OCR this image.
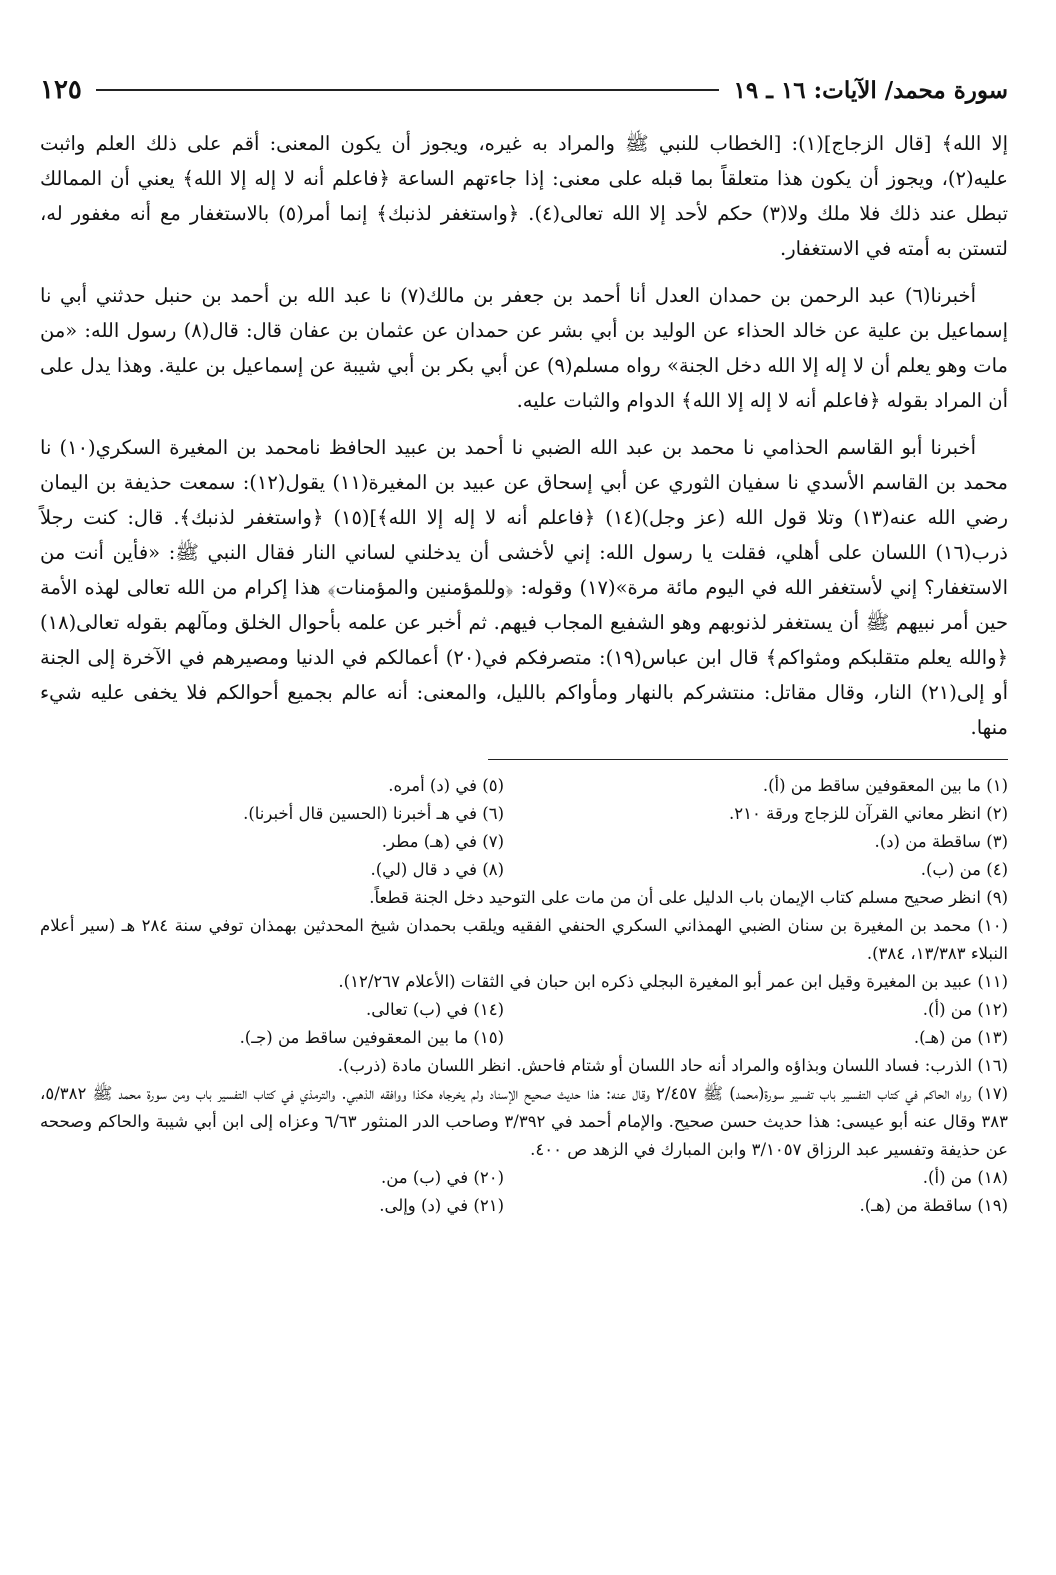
سورة محمد/ الآيات: ١٦ ـ ١٩
١٢٥

إلا الله﴾ [قال الزجاج](١): [الخطاب للنبي ﷺ والمراد به غيره، ويجوز أن يكون المعنى: أقم على ذلك العلم واثبت عليه(٢)، ويجوز أن يكون هذا متعلقاً بما قبله على معنى: إذا جاءتهم الساعة ﴿فاعلم أنه لا إله إلا الله﴾ يعني أن الممالك تبطل عند ذلك فلا ملك ولا(٣) حكم لأحد إلا الله تعالى(٤). ﴿واستغفر لذنبك﴾ إنما أمر(٥) بالاستغفار مع أنه مغفور له، لتستن به أمته في الاستغفار.

أخبرنا(٦) عبد الرحمن بن حمدان العدل أنا أحمد بن جعفر بن مالك(٧) نا عبد الله بن أحمد بن حنبل حدثني أبي نا إسماعيل بن علية عن خالد الحذاء عن الوليد بن أبي بشر عن حمدان عن عثمان بن عفان قال: قال(٨) رسول الله: «من مات وهو يعلم أن لا إله إلا الله دخل الجنة» رواه مسلم(٩) عن أبي بكر بن أبي شيبة عن إسماعيل بن علية. وهذا يدل على أن المراد بقوله ﴿فاعلم أنه لا إله إلا الله﴾ الدوام والثبات عليه.

أخبرنا أبو القاسم الحذامي نا محمد بن عبد الله الضبي نا أحمد بن عبيد الحافظ نامحمد بن المغيرة السكري(١٠) نا محمد بن القاسم الأسدي نا سفيان الثوري عن أبي إسحاق عن عبيد بن المغيرة(١١) يقول(١٢): سمعت حذيفة بن اليمان رضي الله عنه(١٣) وتلا قول الله (عز وجل)(١٤) ﴿فاعلم أنه لا إله إلا الله﴾](١٥) ﴿واستغفر لذنبك﴾. قال: كنت رجلاً ذرب(١٦) اللسان على أهلي، فقلت يا رسول الله: إني لأخشى أن يدخلني لساني النار فقال النبي ﷺ: «فأين أنت من الاستغفار؟ إني لأستغفر الله في اليوم مائة مرة»(١٧) وقوله: ﴿وللمؤمنين والمؤمنات﴾ هذا إكرام من الله تعالى لهذه الأمة حين أمر نبيهم ﷺ أن يستغفر لذنوبهم وهو الشفيع المجاب فيهم. ثم أخبر عن علمه بأحوال الخلق ومآلهم بقوله تعالى(١٨) ﴿والله يعلم متقلبكم ومثواكم﴾ قال ابن عباس(١٩): متصرفكم في(٢٠) أعمالكم في الدنيا ومصيرهم في الآخرة إلى الجنة أو إلى(٢١) النار، وقال مقاتل: منتشركم بالنهار ومأواكم بالليل، والمعنى: أنه عالم بجميع أحوالكم فلا يخفى عليه شيء منها.

(١) ما بين المعقوفين ساقط من (أ).
(٥) في (د) أمره.
(٢) انظر معاني القرآن للزجاج ورقة ٢١٠.
(٦) في هـ أخبرنا (الحسين قال أخبرنا).
(٣) ساقطة من (د).
(٧) في (هـ) مطر.
(٤) من (ب).
(٨) في د قال (لي).
(٩) انظر صحيح مسلم كتاب الإيمان باب الدليل على أن من مات على التوحيد دخل الجنة قطعاً.
(١٠) محمد بن المغيرة بن سنان الضبي الهمذاني السكري الحنفي الفقيه ويلقب بحمدان شيخ المحدثين بهمذان توفي سنة ٢٨٤ هـ (سير أعلام النبلاء ١٣/٣٨٣، ٣٨٤).
(١١) عبيد بن المغيرة وقيل ابن عمر أبو المغيرة البجلي ذكره ابن حبان في الثقات (الأعلام ١٢/٢٦٧).
(١٢) من (أ).
(١٤) في (ب) تعالى.
(١٣) من (هـ).
(١٥) ما بين المعقوفين ساقط من (جـ).
(١٦) الذرب: فساد اللسان وبذاؤه والمراد أنه حاد اللسان أو شتام فاحش. انظر اللسان مادة (ذرب).
(١٧) رواه الحاكم في كتاب التفسير باب تفسير سورة(محمد) ﷺ ٢/٤٥٧ وقال عنه: هذا حديث صحيح الإسناد ولم يخرجاه هكذا ووافقه الذهبي. والترمذي في كتاب التفسير باب ومن سورة محمد ﷺ ٥/٣٨٢، ٣٨٣ وقال عنه أبو عيسى: هذا حديث حسن صحيح. والإمام أحمد في ٣/٣٩٢ وصاحب الدر المنثور ٦/٦٣ وعزاه إلى ابن أبي شيبة والحاكم وصححه عن حذيفة وتفسير عبد الرزاق ٣/١٠٥٧ وابن المبارك في الزهد ص ٤٠٠.
(١٨) من (أ).
(٢٠) في (ب) من.
(١٩) ساقطة من (هـ).
(٢١) في (د) وإلى.
